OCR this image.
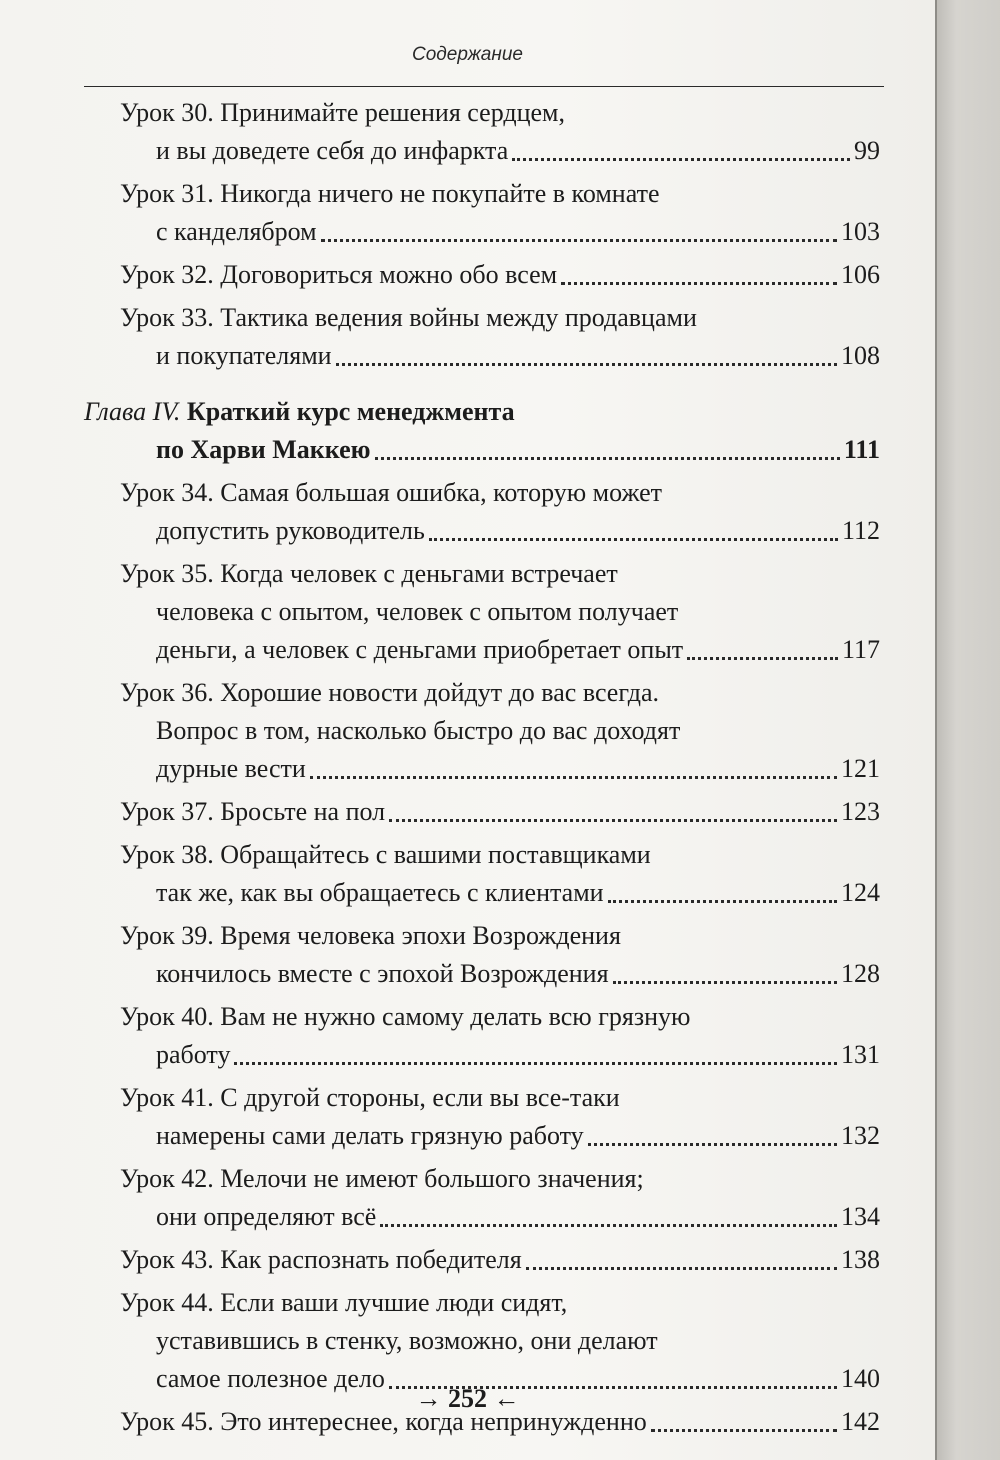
Содержание
Урок 30. Принимайте решения сердцем,
и вы доведете себя до инфаркта	99
Урок 31. Никогда ничего не покупайте в комнате
с канделябром	103
Урок 32. Договориться можно обо всем	106
Урок 33. Тактика ведения войны между продавцами
и покупателями	108
Глава IV. Краткий курс менеджмента
по Харви Маккею	111
Урок 34. Самая большая ошибка, которую может
допустить руководитель	112
Урок 35. Когда человек с деньгами встречает
человека с опытом, человек с опытом получает
деньги, а человек с деньгами приобретает опыт	117
Урок 36. Хорошие новости дойдут до вас всегда.
Вопрос в том, насколько быстро до вас доходят
дурные вести	121
Урок 37. Бросьте на пол	123
Урок 38. Обращайтесь с вашими поставщиками
так же, как вы обращаетесь с клиентами	124
Урок 39. Время человека эпохи Возрождения
кончилось вместе с эпохой Возрождения	128
Урок 40. Вам не нужно самому делать всю грязную
работу	131
Урок 41. С другой стороны, если вы все-таки
намерены сами делать грязную работу	132
Урок 42. Мелочи не имеют большого значения;
они определяют всё	134
Урок 43. Как распознать победителя	138
Урок 44. Если ваши лучшие люди сидят,
уставившись в стенку, возможно, они делают
самое полезное дело	140
Урок 45. Это интереснее, когда непринужденно	142
→ 252 ←
